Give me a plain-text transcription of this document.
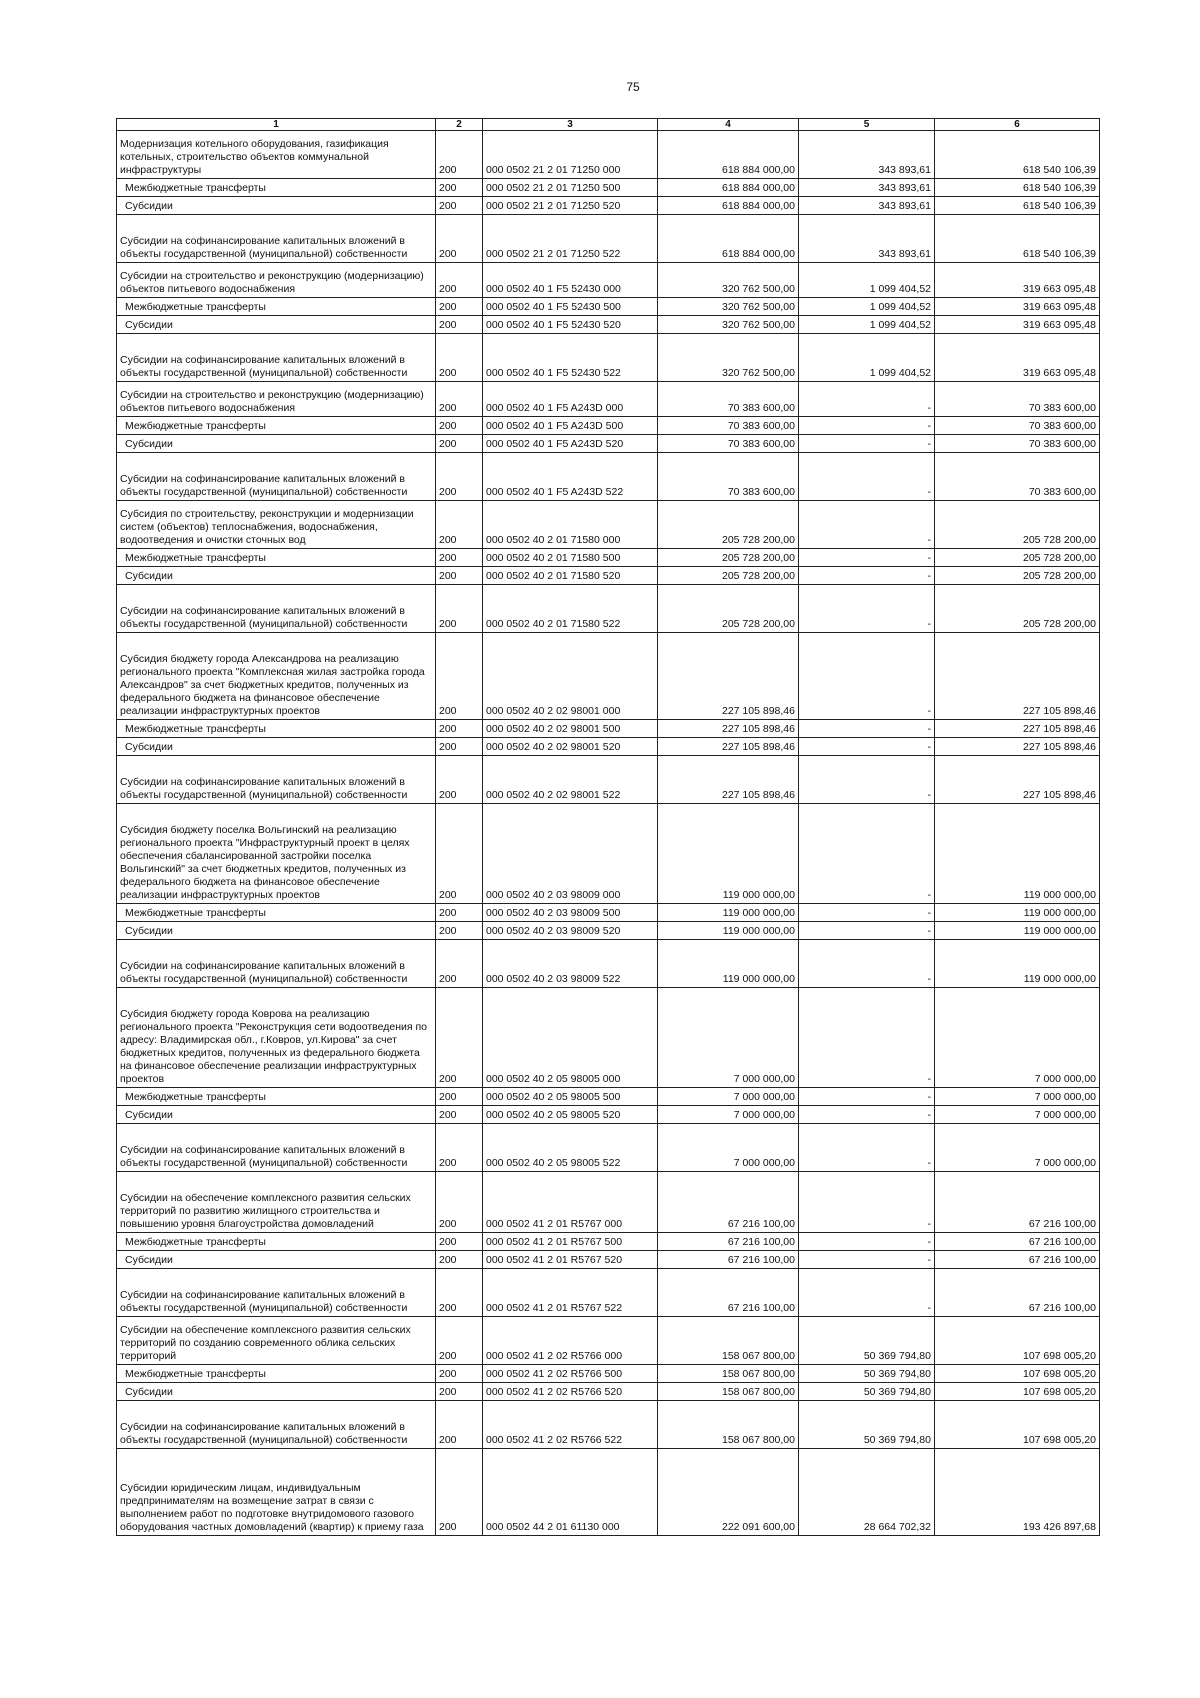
75
1	2	3	4	5	6
Модернизация котельного оборудования, газификация котельных, строительство объектов коммунальной инфраструктуры	200	000 0502 21 2 01 71250 000	618 884 000,00	343 893,61	618 540 106,39
Межбюджетные трансферты	200	000 0502 21 2 01 71250 500	618 884 000,00	343 893,61	618 540 106,39
Субсидии	200	000 0502 21 2 01 71250 520	618 884 000,00	343 893,61	618 540 106,39
Субсидии на софинансирование капитальных вложений в объекты государственной (муниципальной) собственности	200	000 0502 21 2 01 71250 522	618 884 000,00	343 893,61	618 540 106,39
Субсидии на строительство и реконструкцию (модернизацию) объектов питьевого водоснабжения	200	000 0502 40 1 F5 52430 000	320 762 500,00	1 099 404,52	319 663 095,48
Межбюджетные трансферты	200	000 0502 40 1 F5 52430 500	320 762 500,00	1 099 404,52	319 663 095,48
Субсидии	200	000 0502 40 1 F5 52430 520	320 762 500,00	1 099 404,52	319 663 095,48
Субсидии на софинансирование капитальных вложений в объекты государственной (муниципальной) собственности	200	000 0502 40 1 F5 52430 522	320 762 500,00	1 099 404,52	319 663 095,48
Субсидии на строительство и реконструкцию (модернизацию) объектов питьевого водоснабжения	200	000 0502 40 1 F5 A243D 000	70 383 600,00	-	70 383 600,00
Межбюджетные трансферты	200	000 0502 40 1 F5 A243D 500	70 383 600,00	-	70 383 600,00
Субсидии	200	000 0502 40 1 F5 A243D 520	70 383 600,00	-	70 383 600,00
Субсидии на софинансирование капитальных вложений в объекты государственной (муниципальной) собственности	200	000 0502 40 1 F5 A243D 522	70 383 600,00	-	70 383 600,00
Субсидия по строительству, реконструкции и модернизации систем (объектов) теплоснабжения, водоснабжения, водоотведения и очистки сточных вод	200	000 0502 40 2 01 71580 000	205 728 200,00	-	205 728 200,00
Межбюджетные трансферты	200	000 0502 40 2 01 71580 500	205 728 200,00	-	205 728 200,00
Субсидии	200	000 0502 40 2 01 71580 520	205 728 200,00	-	205 728 200,00
Субсидии на софинансирование капитальных вложений в объекты государственной (муниципальной) собственности	200	000 0502 40 2 01 71580 522	205 728 200,00	-	205 728 200,00
Субсидия бюджету города Александрова на реализацию регионального проекта "Комплексная жилая застройка города Александров" за счет бюджетных кредитов, полученных из федерального бюджета на финансовое обеспечение реализации инфраструктурных проектов	200	000 0502 40 2 02 98001 000	227 105 898,46	-	227 105 898,46
Межбюджетные трансферты	200	000 0502 40 2 02 98001 500	227 105 898,46	-	227 105 898,46
Субсидии	200	000 0502 40 2 02 98001 520	227 105 898,46	-	227 105 898,46
Субсидии на софинансирование капитальных вложений в объекты государственной (муниципальной) собственности	200	000 0502 40 2 02 98001 522	227 105 898,46	-	227 105 898,46
Субсидия бюджету поселка Вольгинский на реализацию регионального проекта "Инфраструктурный проект в целях обеспечения сбалансированной застройки поселка Вольгинский" за счет бюджетных кредитов, полученных из федерального бюджета на финансовое обеспечение реализации инфраструктурных проектов	200	000 0502 40 2 03 98009 000	119 000 000,00	-	119 000 000,00
Межбюджетные трансферты	200	000 0502 40 2 03 98009 500	119 000 000,00	-	119 000 000,00
Субсидии	200	000 0502 40 2 03 98009 520	119 000 000,00	-	119 000 000,00
Субсидии на софинансирование капитальных вложений в объекты государственной (муниципальной) собственности	200	000 0502 40 2 03 98009 522	119 000 000,00	-	119 000 000,00
Субсидия бюджету города Коврова на реализацию регионального проекта "Реконструкция сети водоотведения по адресу: Владимирская обл., г.Ковров, ул.Кирова" за счет бюджетных кредитов, полученных из федерального бюджета на финансовое обеспечение реализации инфраструктурных проектов	200	000 0502 40 2 05 98005 000	7 000 000,00	-	7 000 000,00
Межбюджетные трансферты	200	000 0502 40 2 05 98005 500	7 000 000,00	-	7 000 000,00
Субсидии	200	000 0502 40 2 05 98005 520	7 000 000,00	-	7 000 000,00
Субсидии на софинансирование капитальных вложений в объекты государственной (муниципальной) собственности	200	000 0502 40 2 05 98005 522	7 000 000,00	-	7 000 000,00
Субсидии на обеспечение комплексного развития сельских территорий по развитию жилищного строительства и повышению уровня благоустройства домовладений	200	000 0502 41 2 01 R5767 000	67 216 100,00	-	67 216 100,00
Межбюджетные трансферты	200	000 0502 41 2 01 R5767 500	67 216 100,00	-	67 216 100,00
Субсидии	200	000 0502 41 2 01 R5767 520	67 216 100,00	-	67 216 100,00
Субсидии на софинансирование капитальных вложений в объекты государственной (муниципальной) собственности	200	000 0502 41 2 01 R5767 522	67 216 100,00	-	67 216 100,00
Субсидии на обеспечение комплексного развития сельских территорий по созданию современного облика сельских территорий	200	000 0502 41 2 02 R5766 000	158 067 800,00	50 369 794,80	107 698 005,20
Межбюджетные трансферты	200	000 0502 41 2 02 R5766 500	158 067 800,00	50 369 794,80	107 698 005,20
Субсидии	200	000 0502 41 2 02 R5766 520	158 067 800,00	50 369 794,80	107 698 005,20
Субсидии на софинансирование капитальных вложений в объекты государственной (муниципальной) собственности	200	000 0502 41 2 02 R5766 522	158 067 800,00	50 369 794,80	107 698 005,20
Субсидии юридическим лицам, индивидуальным предпринимателям на возмещение затрат в связи с выполнением работ по подготовке внутридомового газового оборудования частных домовладений (квартир) к приему газа	200	000 0502 44 2 01 61130 000	222 091 600,00	28 664 702,32	193 426 897,68
